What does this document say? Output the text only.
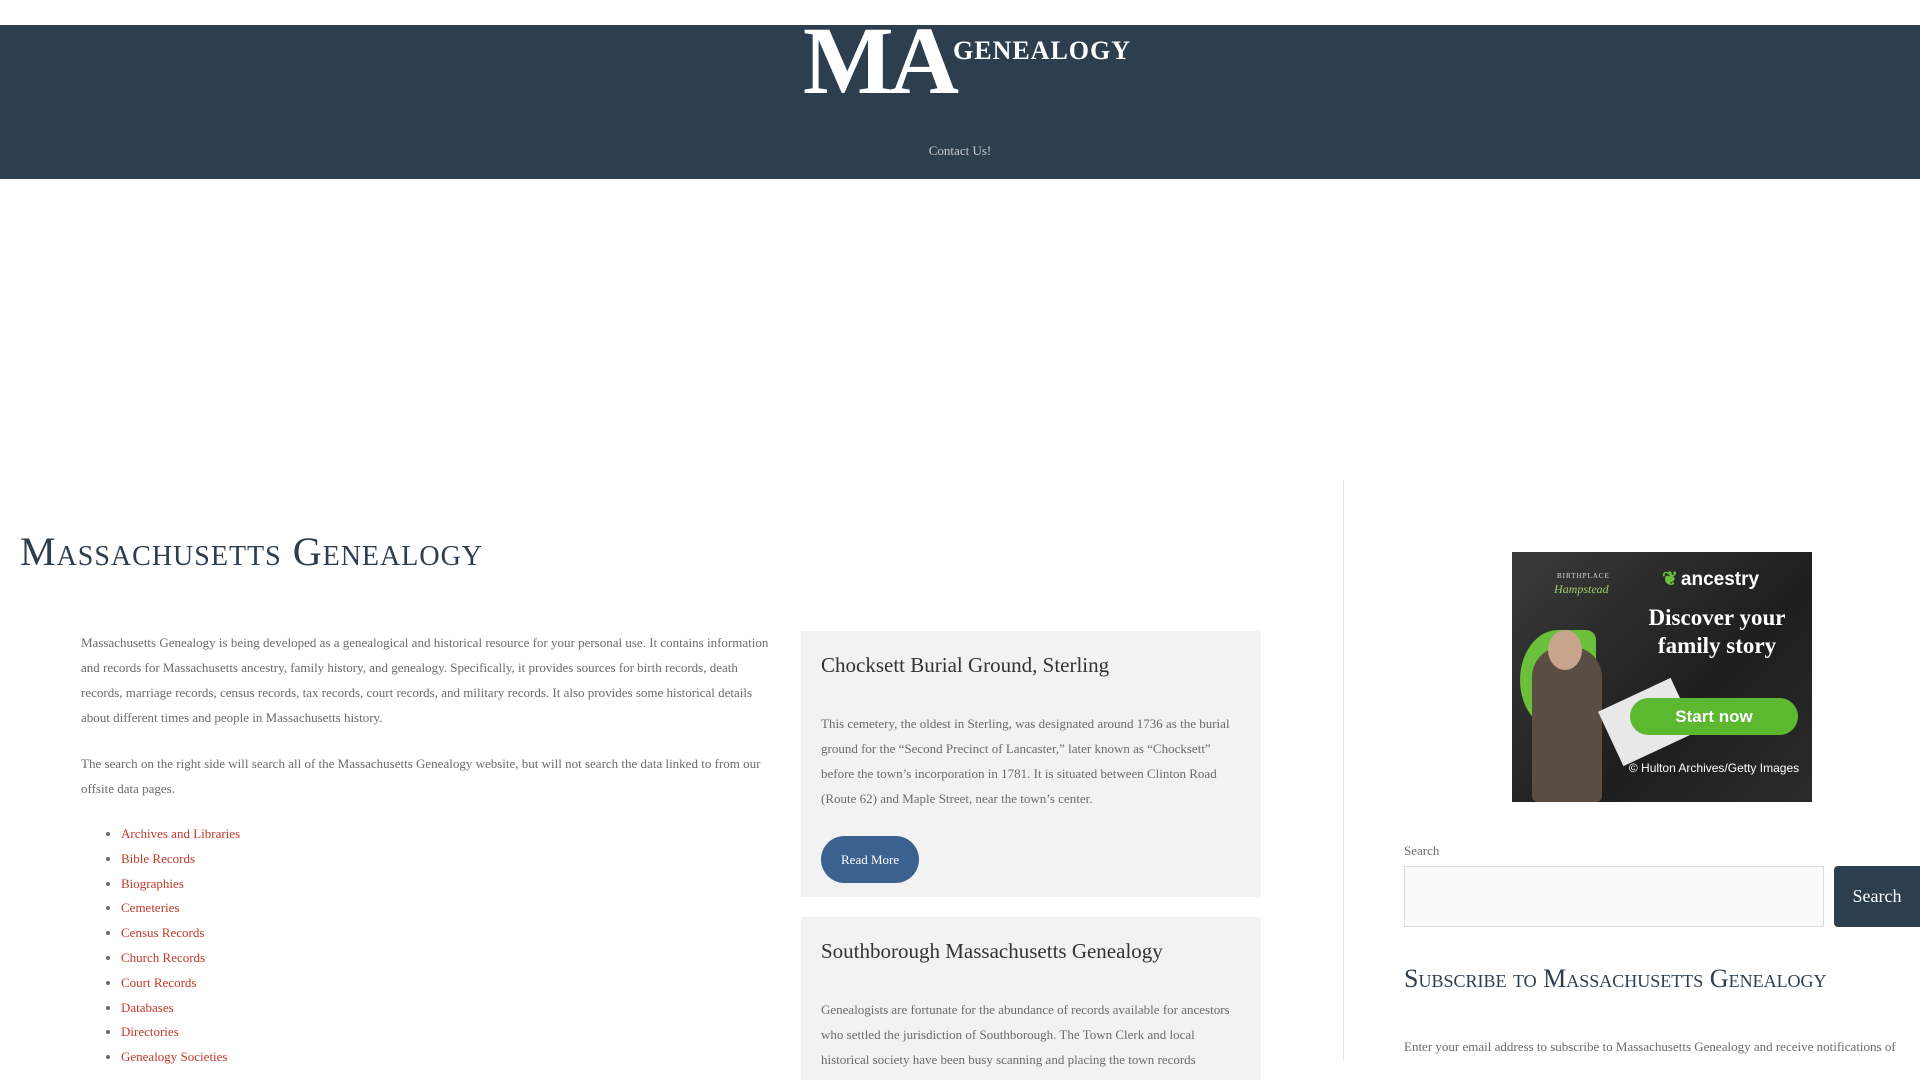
MA
GENEALOGY
Contact Us!
Massachusetts Genealogy

Massachusetts Genealogy is being developed as a genealogical and historical resource for your personal use. It contains information and records for Massachusetts ancestry, family history, and genealogy. Specifically, it provides sources for birth records, death records, marriage records, census records, tax records, court records, and military records. It also provides some historical details about different times and people in Massachusetts history.

The search on the right side will search all of the Massachusetts Genealogy website, but will not search the data linked to from our offsite data pages.

• Archives and Libraries
• Bible Records
• Biographies
• Cemeteries
• Census Records
• Church Records
• Court Records
• Databases
• Directories
• Genealogy Societies
Chocksett Burial Ground, Sterling

This cemetery, the oldest in Sterling, was designated around 1736 as the burial ground for the “Second Precinct of Lancaster,” later known as “Chocksett” before the town’s incorporation in 1781. It is situated between Clinton Road (Route 62) and Maple Street, near the town’s center.

Read More
Southborough Massachusetts Genealogy

Genealogists are fortunate for the abundance of records available for ancestors who settled the jurisdiction of Southborough. The Town Clerk and local historical society have been busy scanning and placing the town records

BIRTHPLACE
Hampstead	❦ ancestry
Discover your family story
Start now
© Hulton Archives/Getty Images
Search
Search
Subscribe to Massachusetts Genealogy
Enter your email address to subscribe to Massachusetts Genealogy and receive notifications of
